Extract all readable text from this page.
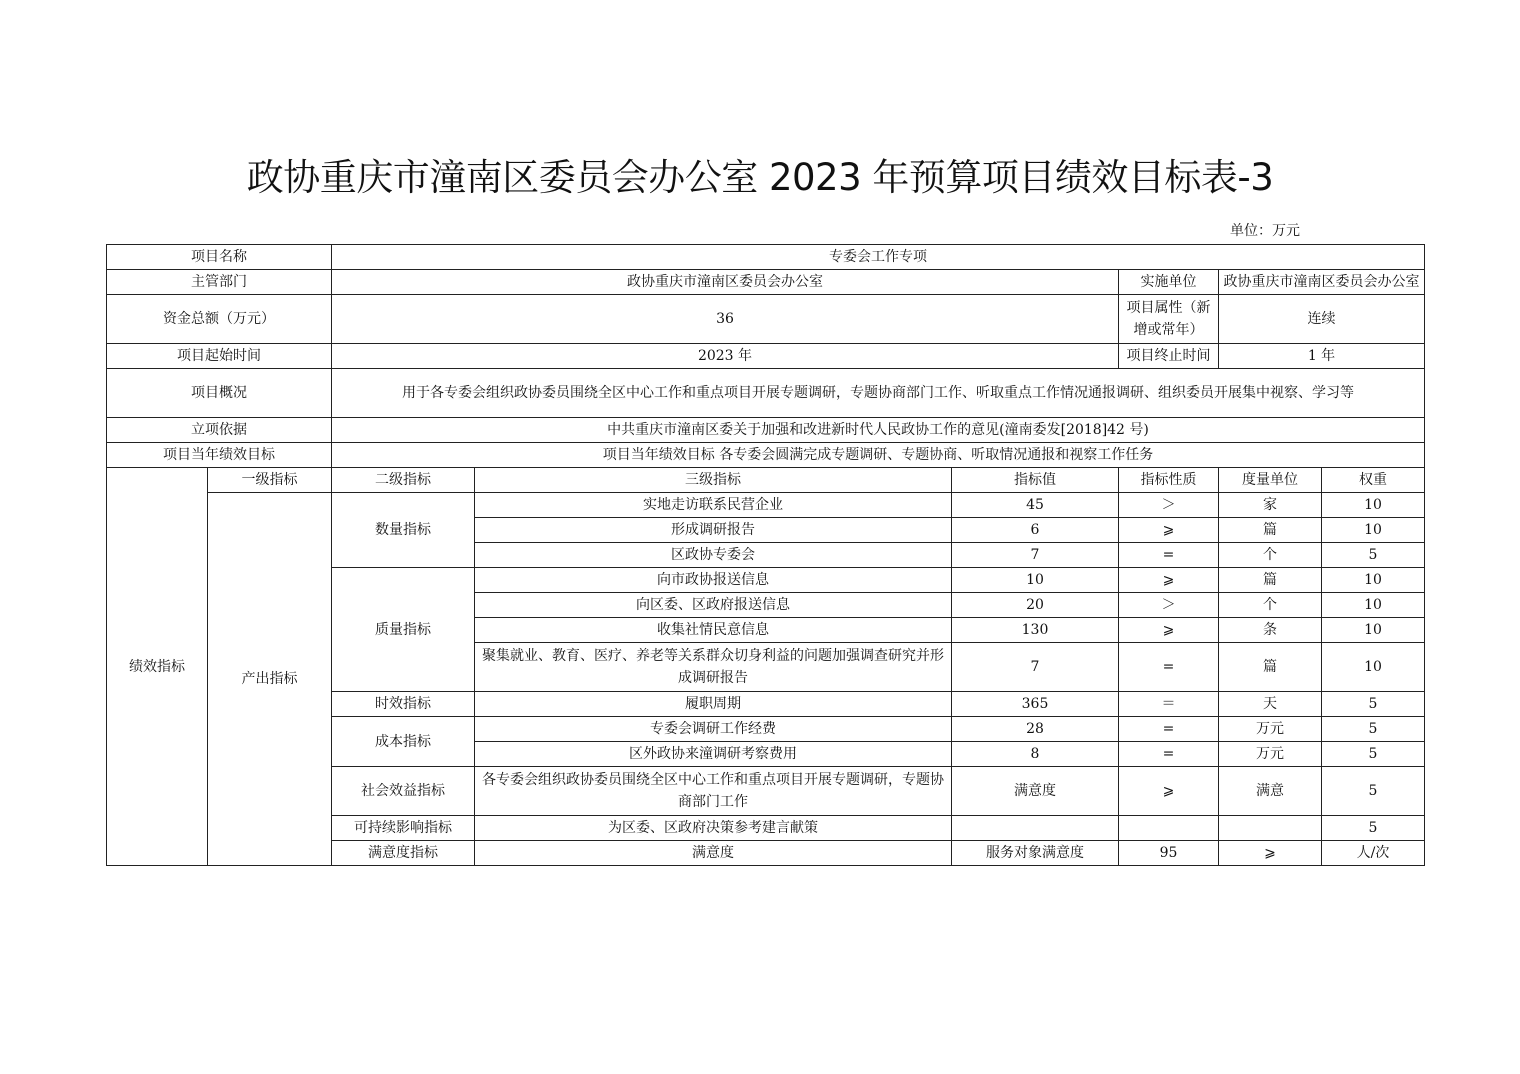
政协重庆市潼南区委员会办公室 2023 年预算项目绩效目标表-3
单位：万元
项目名称		专委会工作专项						
主管部门		政协重庆市潼南区委员会办公室			实施单位	政协重庆市潼南区委员会办公室		
资金总额（万元）		36			项目属性（新增或常年）	连续		
项目起始时间		2023 年			项目终止时间	1 年		
项目概况		用于各专委会组织政协委员围绕全区中心工作和重点项目开展专题调研，专题协商部门工作、听取重点工作情况通报调研、组织委员开展集中视察、学习等						
立项依据		中共重庆市潼南区委关于加强和改进新时代人民政协工作的意见(潼南委发[2018]42 号)						
项目当年绩效目标		项目当年绩效目标 各专委会圆满完成专题调研、专题协商、听取情况通报和视察工作任务						
绩效指标	一级指标	二级指标	三级指标	指标值	指标性质	度量单位	权重	
	产出指标	数量指标	实地走访联系民营企业	45	＞	家	10	
			形成调研报告	6	⩾	篇	10	
			区政协专委会	7	=	个	5	
		质量指标	向市政协报送信息	10	⩾	篇	10	
			向区委、区政府报送信息	20	＞	个	10	
			收集社情民意信息	130	⩾	条	10	
			聚集就业、教育、医疗、养老等关系群众切身利益的问题加强调查研究并形成调研报告	7	=	篇	10	
		时效指标	履职周期	365	＝	天	5	
		成本指标	专委会调研工作经费	28	=	万元	5	
			区外政协来潼调研考察费用	8	=	万元	5	
		社会效益指标	各专委会组织政协委员围绕全区中心工作和重点项目开展专题调研，专题协商部门工作	满意度	⩾	满意	5	
		可持续影响指标	为区委、区政府决策参考建言献策				5	
		满意度指标	满意度	服务对象满意度	95	⩾	人/次	
